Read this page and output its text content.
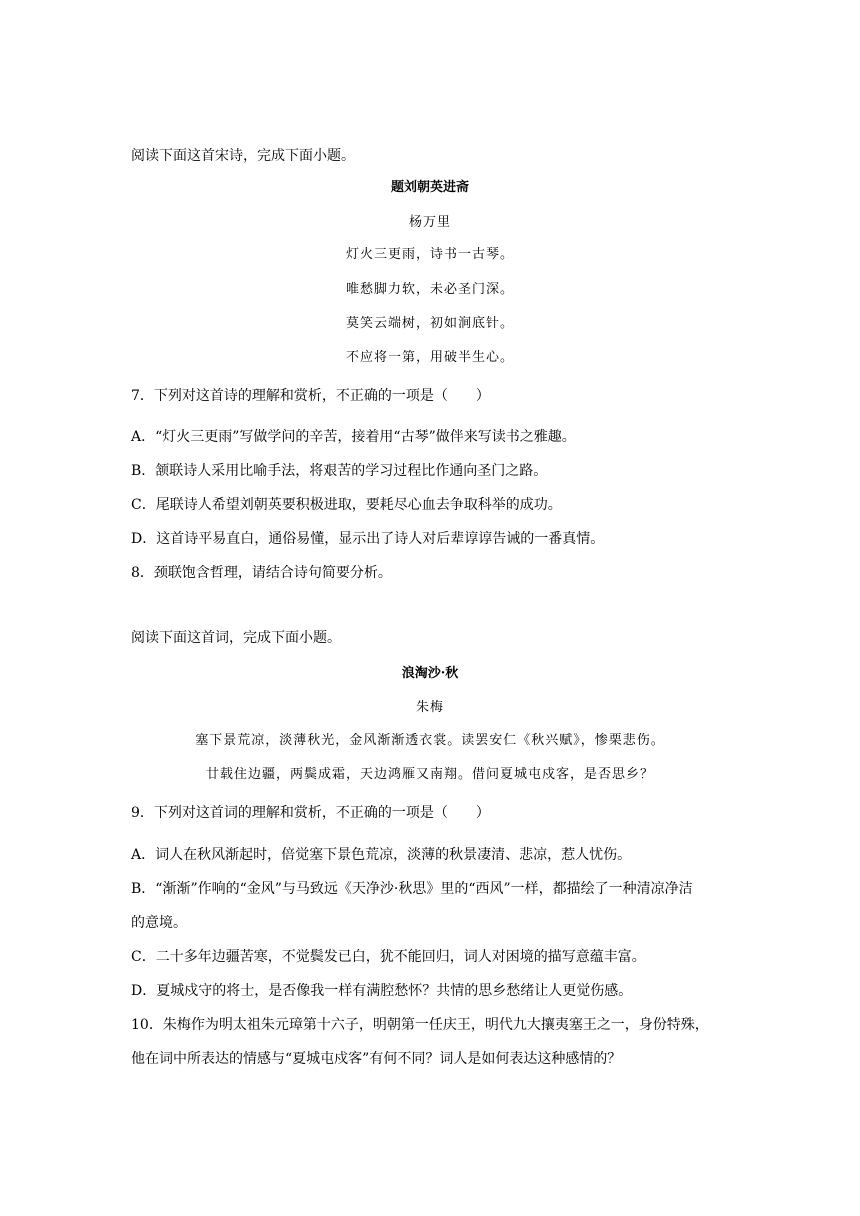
阅读下面这首宋诗，完成下面小题。
题刘朝英进斋
杨万里
灯火三更雨，诗书一古琴。
唯愁脚力软，未必圣门深。
莫笑云端树，初如涧底针。
不应将一第，用破半生心。
7．下列对这首诗的理解和赏析，不正确的一项是（　　）
A．“灯火三更雨”写做学问的辛苦，接着用“古琴”做伴来写读书之雅趣。
B．颔联诗人采用比喻手法，将艰苦的学习过程比作通向圣门之路。
C．尾联诗人希望刘朝英要积极进取，要耗尽心血去争取科举的成功。
D．这首诗平易直白，通俗易懂，显示出了诗人对后辈谆谆告诫的一番真情。
8．颈联饱含哲理，请结合诗句简要分析。
阅读下面这首词，完成下面小题。
浪淘沙·秋
朱梅
塞下景荒凉，淡薄秋光，金风渐渐透衣裳。读罢安仁《秋兴赋》，惨栗悲伤。
廿载住边疆，两鬓成霜，天边鸿雁又南翔。借问夏城屯戍客，是否思乡？
9．下列对这首词的理解和赏析，不正确的一项是（　　）
A．词人在秋风渐起时，倍觉塞下景色荒凉，淡薄的秋景凄清、悲凉，惹人忧伤。
B．“渐渐”作响的“金风”与马致远《天净沙·秋思》里的“西风”一样，都描绘了一种清凉净洁
的意境。
C．二十多年边疆苦寒，不觉鬓发已白，犹不能回归，词人对困境的描写意蕴丰富。
D．夏城戍守的将士，是否像我一样有满腔愁怀？共情的思乡愁绪让人更觉伤感。
10．朱梅作为明太祖朱元璋第十六子，明朝第一任庆王，明代九大攘夷塞王之一，身份特殊，
他在词中所表达的情感与“夏城屯戍客”有何不同？词人是如何表达这种感情的？
